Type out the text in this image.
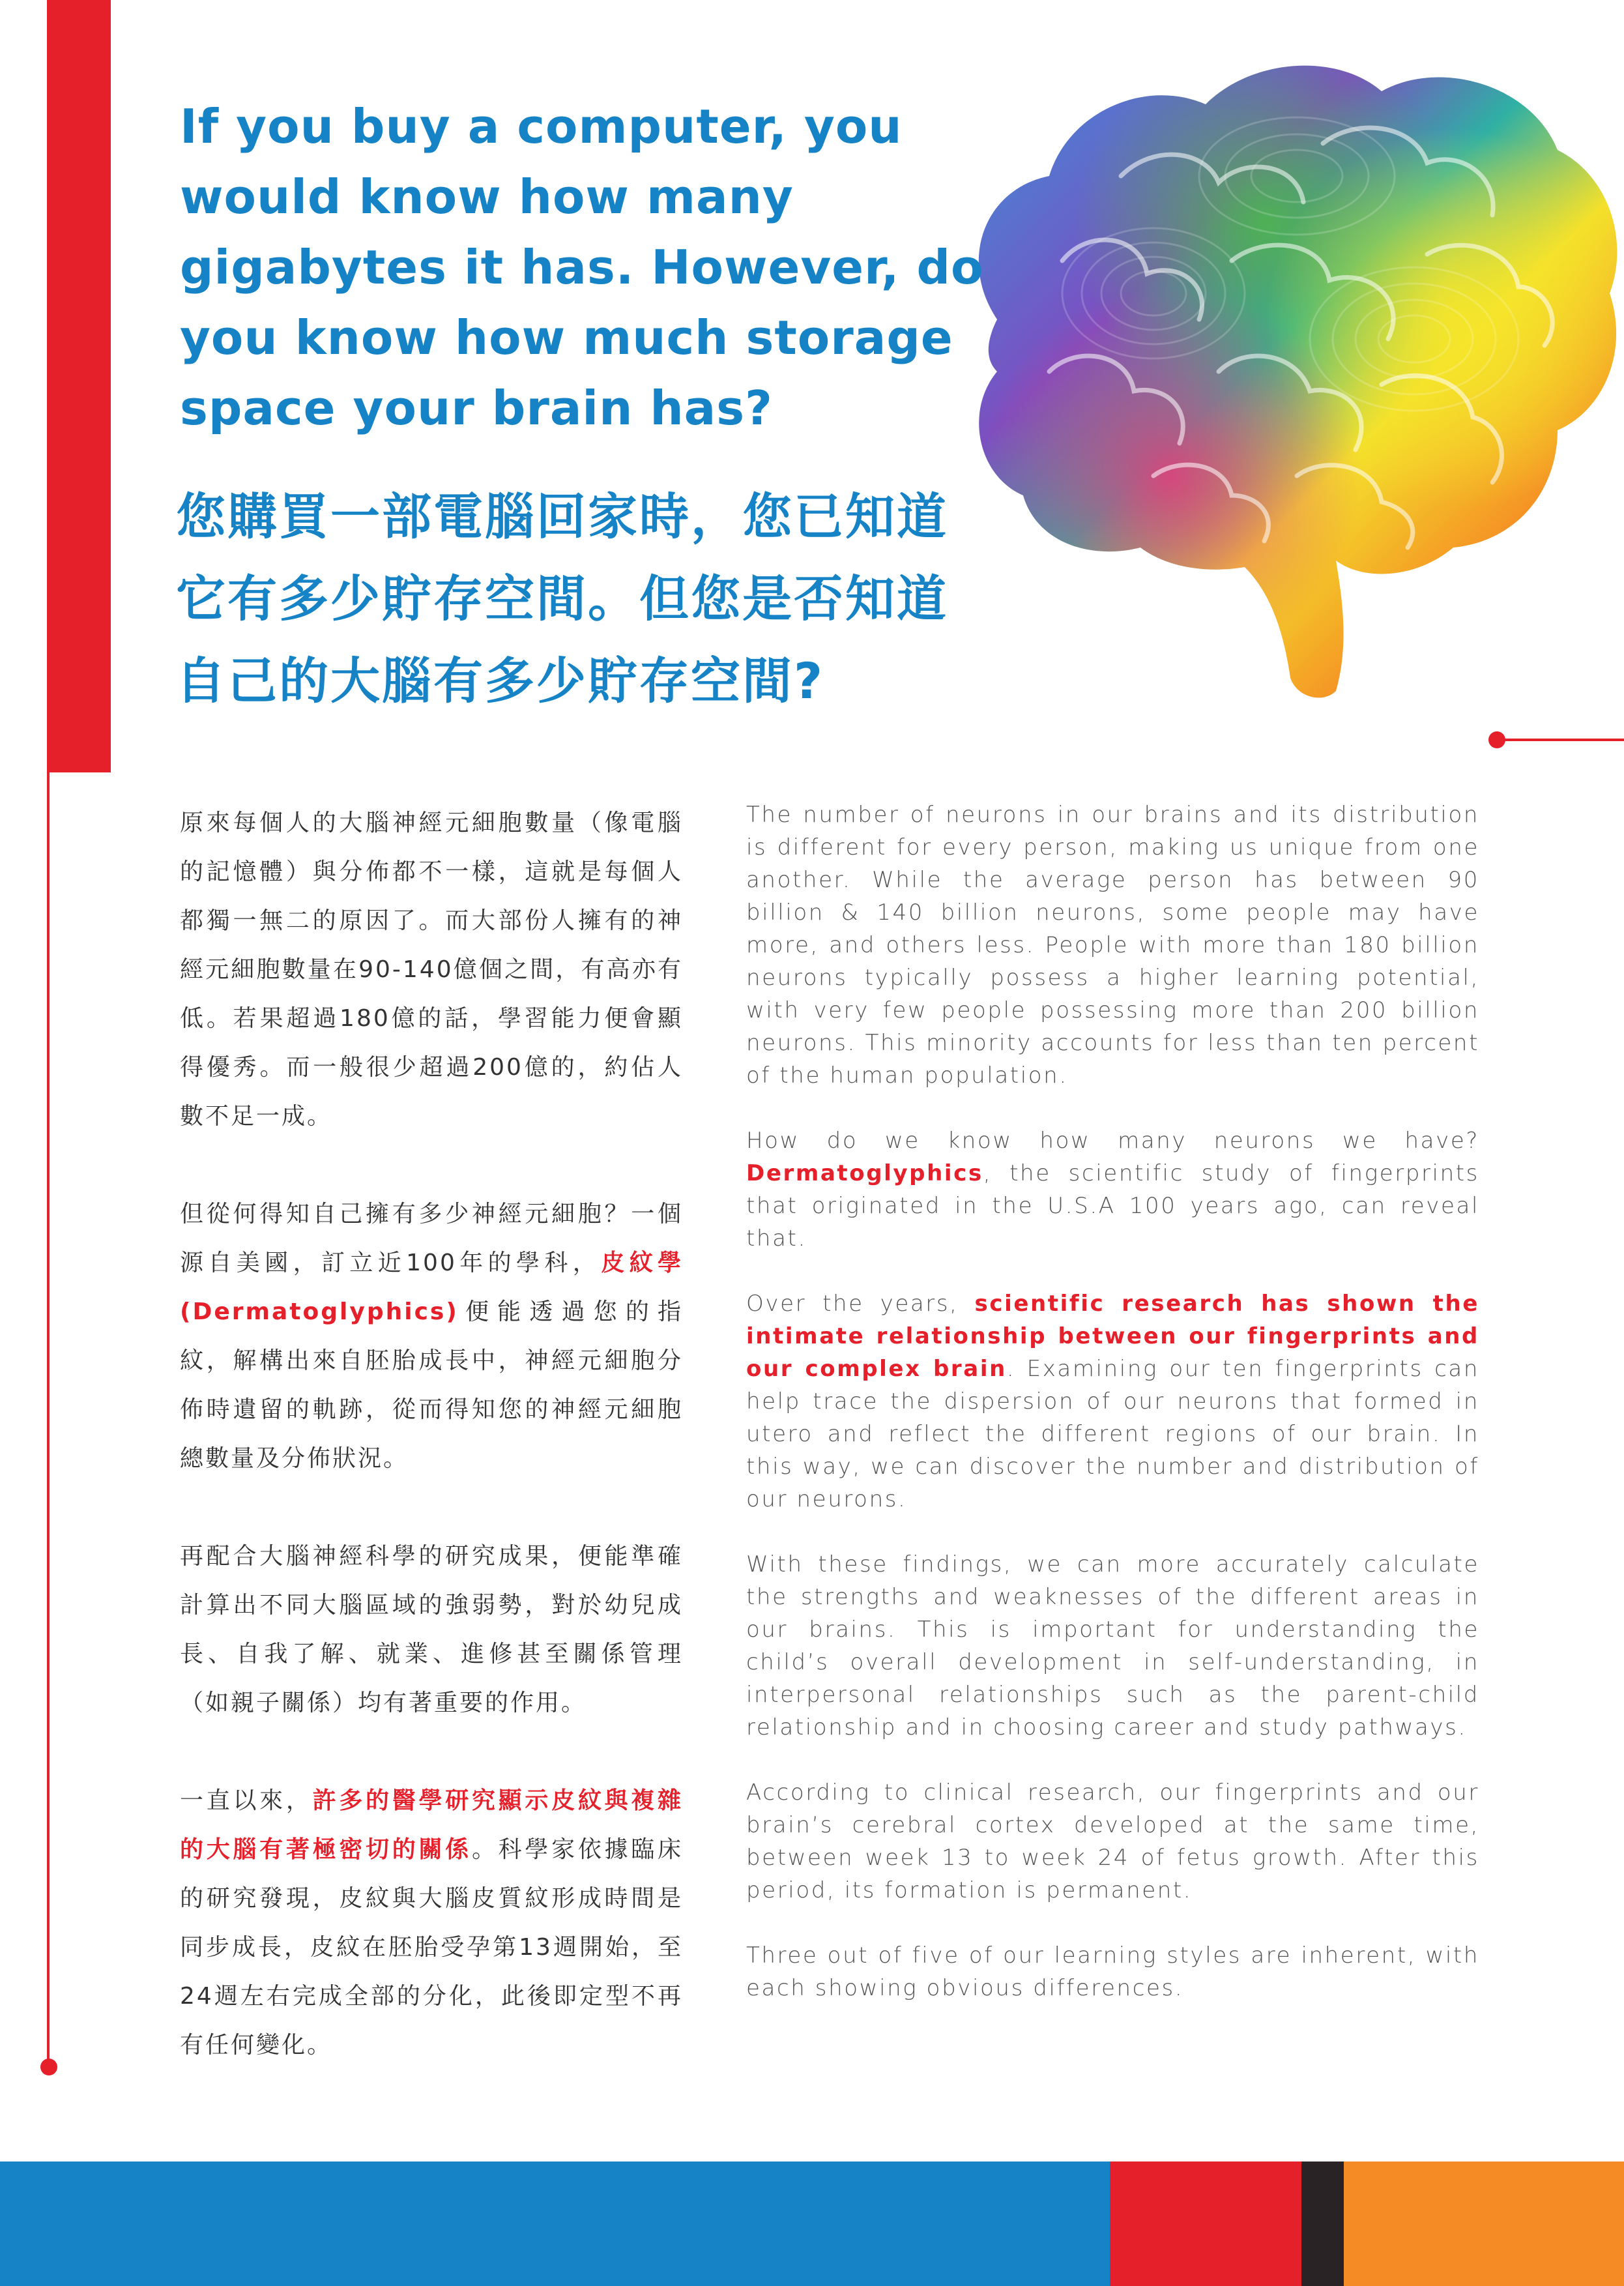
If you buy a computer, you would know how many gigabytes it has. However, do you know how much storage space your brain has?
您購買一部電腦回家時，您已知道
它有多少貯存空間。但您是否知道
自己的大腦有多少貯存空間?

原來每個人的大腦神經元細胞數量（像電腦的記憶體）與分佈都不一樣，這就是每個人都獨一無二的原因了。而大部份人擁有的神經元細胞數量在90-140億個之間，有高亦有低。若果超過180億的話，學習能力便會顯得優秀。而一般很少超過200億的，約佔人數不足一成。

但從何得知自己擁有多少神經元細胞？一個源自美國，訂立近100年的學科，皮紋學(Dermatoglyphics)便能透過您的指紋，解構出來自胚胎成長中，神經元細胞分佈時遺留的軌跡，從而得知您的神經元細胞總數量及分佈狀況。

再配合大腦神經科學的研究成果，便能準確計算出不同大腦區域的強弱勢，對於幼兒成長、自我了解、就業、進修甚至關係管理（如親子關係）均有著重要的作用。

一直以來，許多的醫學研究顯示皮紋與複雜的大腦有著極密切的關係。科學家依據臨床的研究發現，皮紋與大腦皮質紋形成時間是同步成長，皮紋在胚胎受孕第13週開始，至24週左右完成全部的分化，此後即定型不再有任何變化。

The number of neurons in our brains and its distribution is different for every person, making us unique from one another. While the average person has between 90 billion & 140 billion neurons, some people may have more, and others less. People with more than 180 billion neurons typically possess a higher learning potential, with very few people possessing more than 200 billion neurons. This minority accounts for less than ten percent of the human population.

How do we know how many neurons we have? Dermatoglyphics, the scientific study of fingerprints that originated in the U.S.A 100 years ago, can reveal that.

Over the years, scientific research has shown the intimate relationship between our fingerprints and our complex brain. Examining our ten fingerprints can help trace the dispersion of our neurons that formed in utero and reflect the different regions of our brain. In this way, we can discover the number and distribution of our neurons.

With these findings, we can more accurately calculate the strengths and weaknesses of the different areas in our brains. This is important for understanding the child’s overall development in self-understanding, in interpersonal relationships such as the parent-child relationship and in choosing career and study pathways.

According to clinical research, our fingerprints and our brain’s cerebral cortex developed at the same time, between week 13 to week 24 of fetus growth. After this period, its formation is permanent.

Three out of five of our learning styles are inherent, with each showing obvious differences.
